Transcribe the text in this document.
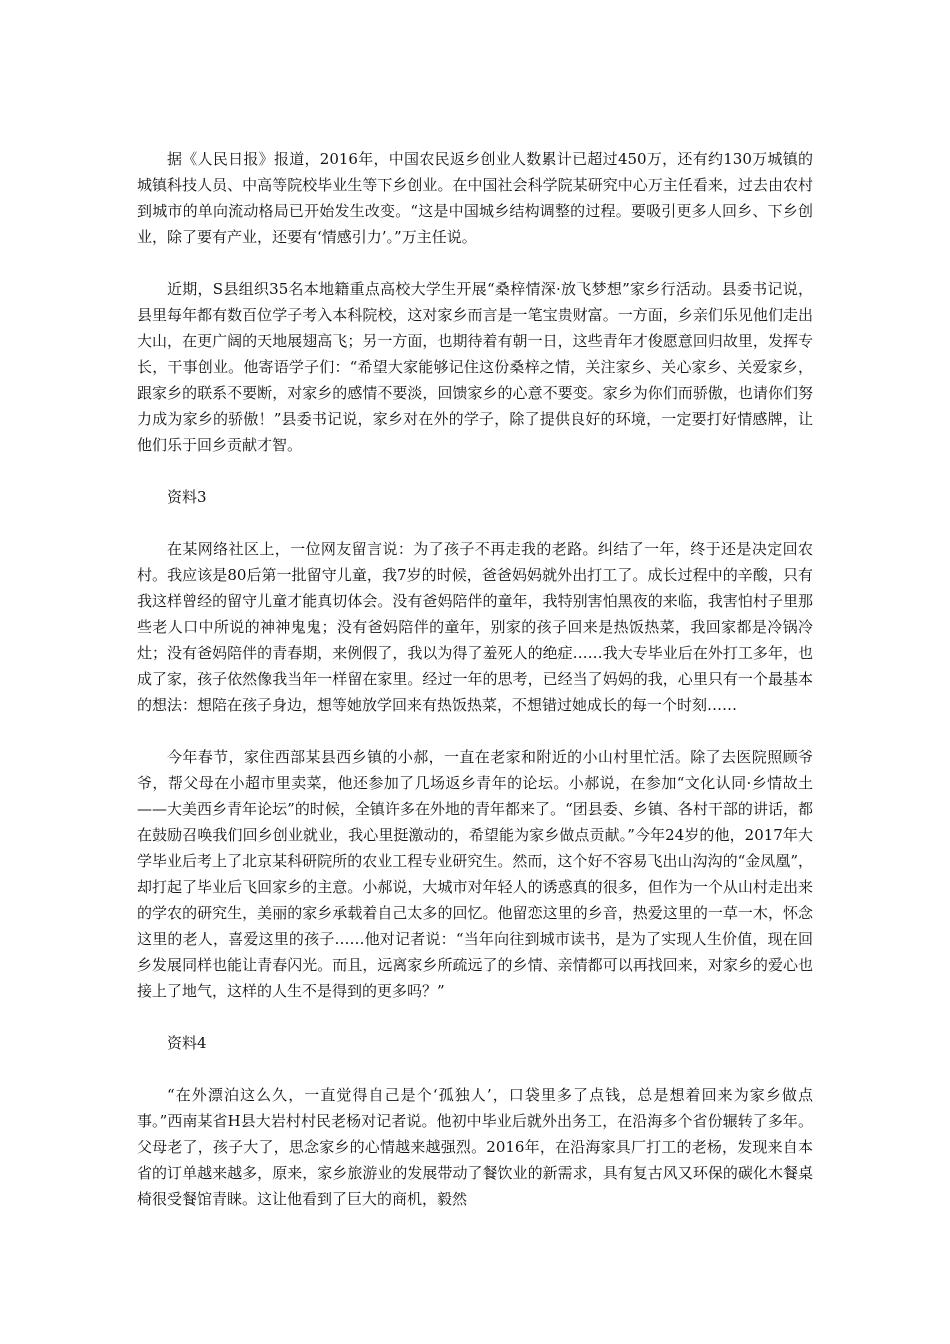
据《人民日报》报道，2016年，中国农民返乡创业人数累计已超过450万，还有约130万城镇的城镇科技人员、中高等院校毕业生等下乡创业。在中国社会科学院某研究中心万主任看来，过去由农村到城市的单向流动格局已开始发生改变。“这是中国城乡结构调整的过程。要吸引更多人回乡、下乡创业，除了要有产业，还要有‘情感引力’。”万主任说。

近期，S县组织35名本地籍重点高校大学生开展“桑梓情深·放飞梦想”家乡行活动。县委书记说，县里每年都有数百位学子考入本科院校，这对家乡而言是一笔宝贵财富。一方面，乡亲们乐见他们走出大山，在更广阔的天地展翅高飞；另一方面，也期待着有朝一日，这些青年才俊愿意回归故里，发挥专长，干事创业。他寄语学子们：“希望大家能够记住这份桑梓之情，关注家乡、关心家乡、关爱家乡，跟家乡的联系不要断，对家乡的感情不要淡，回馈家乡的心意不要变。家乡为你们而骄傲，也请你们努力成为家乡的骄傲！”县委书记说，家乡对在外的学子，除了提供良好的环境，一定要打好情感牌，让他们乐于回乡贡献才智。

资料3

在某网络社区上，一位网友留言说：为了孩子不再走我的老路。纠结了一年，终于还是决定回农村。我应该是80后第一批留守儿童，我7岁的时候，爸爸妈妈就外出打工了。成长过程中的辛酸，只有我这样曾经的留守儿童才能真切体会。没有爸妈陪伴的童年，我特别害怕黑夜的来临，我害怕村子里那些老人口中所说的神神鬼鬼；没有爸妈陪伴的童年，别家的孩子回来是热饭热菜，我回家都是冷锅冷灶；没有爸妈陪伴的青春期，来例假了，我以为得了羞死人的绝症……我大专毕业后在外打工多年，也成了家，孩子依然像我当年一样留在家里。经过一年的思考，已经当了妈妈的我，心里只有一个最基本的想法：想陪在孩子身边，想等她放学回来有热饭热菜，不想错过她成长的每一个时刻……

今年春节，家住西部某县西乡镇的小郝，一直在老家和附近的小山村里忙活。除了去医院照顾爷爷，帮父母在小超市里卖菜，他还参加了几场返乡青年的论坛。小郝说，在参加“文化认同·乡情故土——大美西乡青年论坛”的时候，全镇许多在外地的青年都来了。“团县委、乡镇、各村干部的讲话，都在鼓励召唤我们回乡创业就业，我心里挺激动的，希望能为家乡做点贡献。”今年24岁的他，2017年大学毕业后考上了北京某科研院所的农业工程专业研究生。然而，这个好不容易飞出山沟沟的“金凤凰”，却打起了毕业后飞回家乡的主意。小郝说，大城市对年轻人的诱惑真的很多，但作为一个从山村走出来的学农的研究生，美丽的家乡承载着自己太多的回忆。他留恋这里的乡音，热爱这里的一草一木，怀念这里的老人，喜爱这里的孩子……他对记者说：“当年向往到城市读书，是为了实现人生价值，现在回乡发展同样也能让青春闪光。而且，远离家乡所疏远了的乡情、亲情都可以再找回来，对家乡的爱心也接上了地气，这样的人生不是得到的更多吗？”

资料4

“在外漂泊这么久，一直觉得自己是个‘孤独人’，口袋里多了点钱，总是想着回来为家乡做点事。”西南某省H县大岩村村民老杨对记者说。他初中毕业后就外出务工，在沿海多个省份辗转了多年。父母老了，孩子大了，思念家乡的心情越来越强烈。2016年，在沿海家具厂打工的老杨，发现来自本省的订单越来越多，原来，家乡旅游业的发展带动了餐饮业的新需求，具有复古风又环保的碳化木餐桌椅很受餐馆青睐。这让他看到了巨大的商机，毅然
